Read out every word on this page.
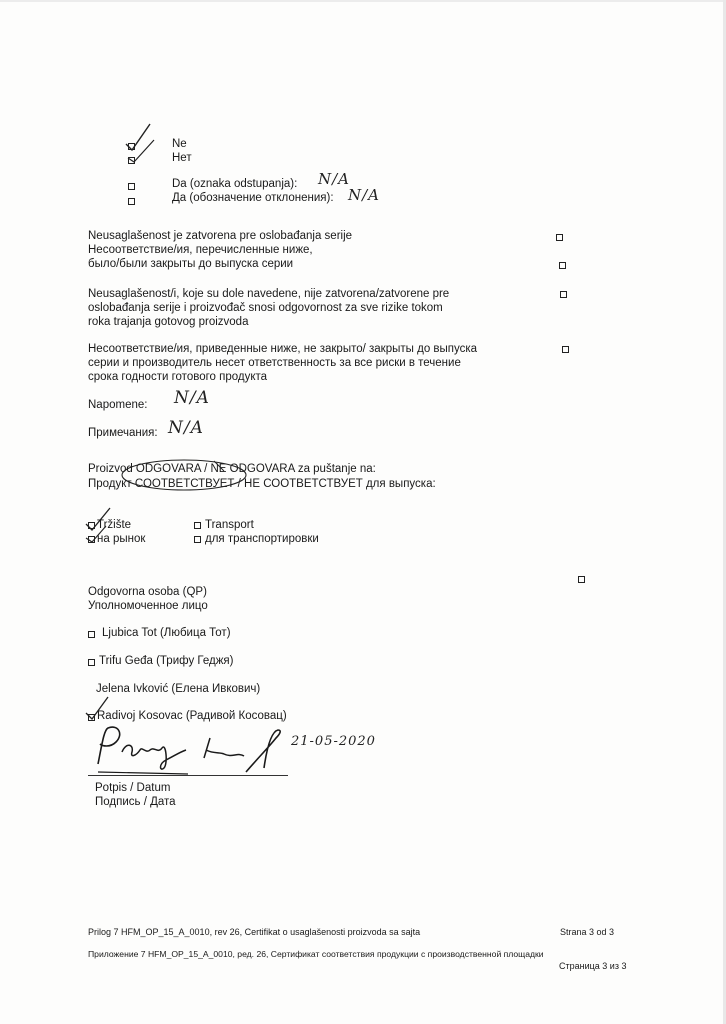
Ne
Нет
Da (oznaka odstupanja):
Да (обозначение отклонения):
N/A
N/A
Neusaglašenost je zatvorena pre oslobađanja serije
Несоответствие/ия, перечисленные ниже,
было/были закрыты до выпуска серии
Neusaglašenost/i, koje su dole navedene, nije zatvorena/zatvorene pre
oslobađanja serije i proizvođač snosi odgovornost za sve rizike tokom
roka trajanja gotovog proizvoda
Несоответствие/ия, приведенные ниже, не закрыто/ закрыты до выпуска
серии и производитель несет ответственность за все риски в течение
срока годности готового продукта
Napomene: N/A
Примечания: N/A
Proizvod ODGOVARA / NE ODGOVARA za puštanje na:
Продукт СООТВЕТСТВУЕТ / НЕ СООТВЕТСТВУЕТ для выпуска:
Tržište
на рынок
Transport
для транспортировки
Odgovorna osoba (QP)
Уполномоченное лицо
Ljubica Tot (Любица Тот)
Trifu Geđa (Трифу Геджя)
Jelena Ivković (Елена Ивкович)
Radivoj Kosovac (Радивой Косовац)
21-05-2020
Potpis / Datum
Подпись / Дата
Prilog 7 HFM_OP_15_A_0010, rev 26, Certifikat o usaglašenosti proizvoda sa sajta	Strana 3 od 3
Приложение 7 HFM_OP_15_A_0010, ред. 26, Сертификат соответствия продукции с производственной площадки
Страница 3 из 3
